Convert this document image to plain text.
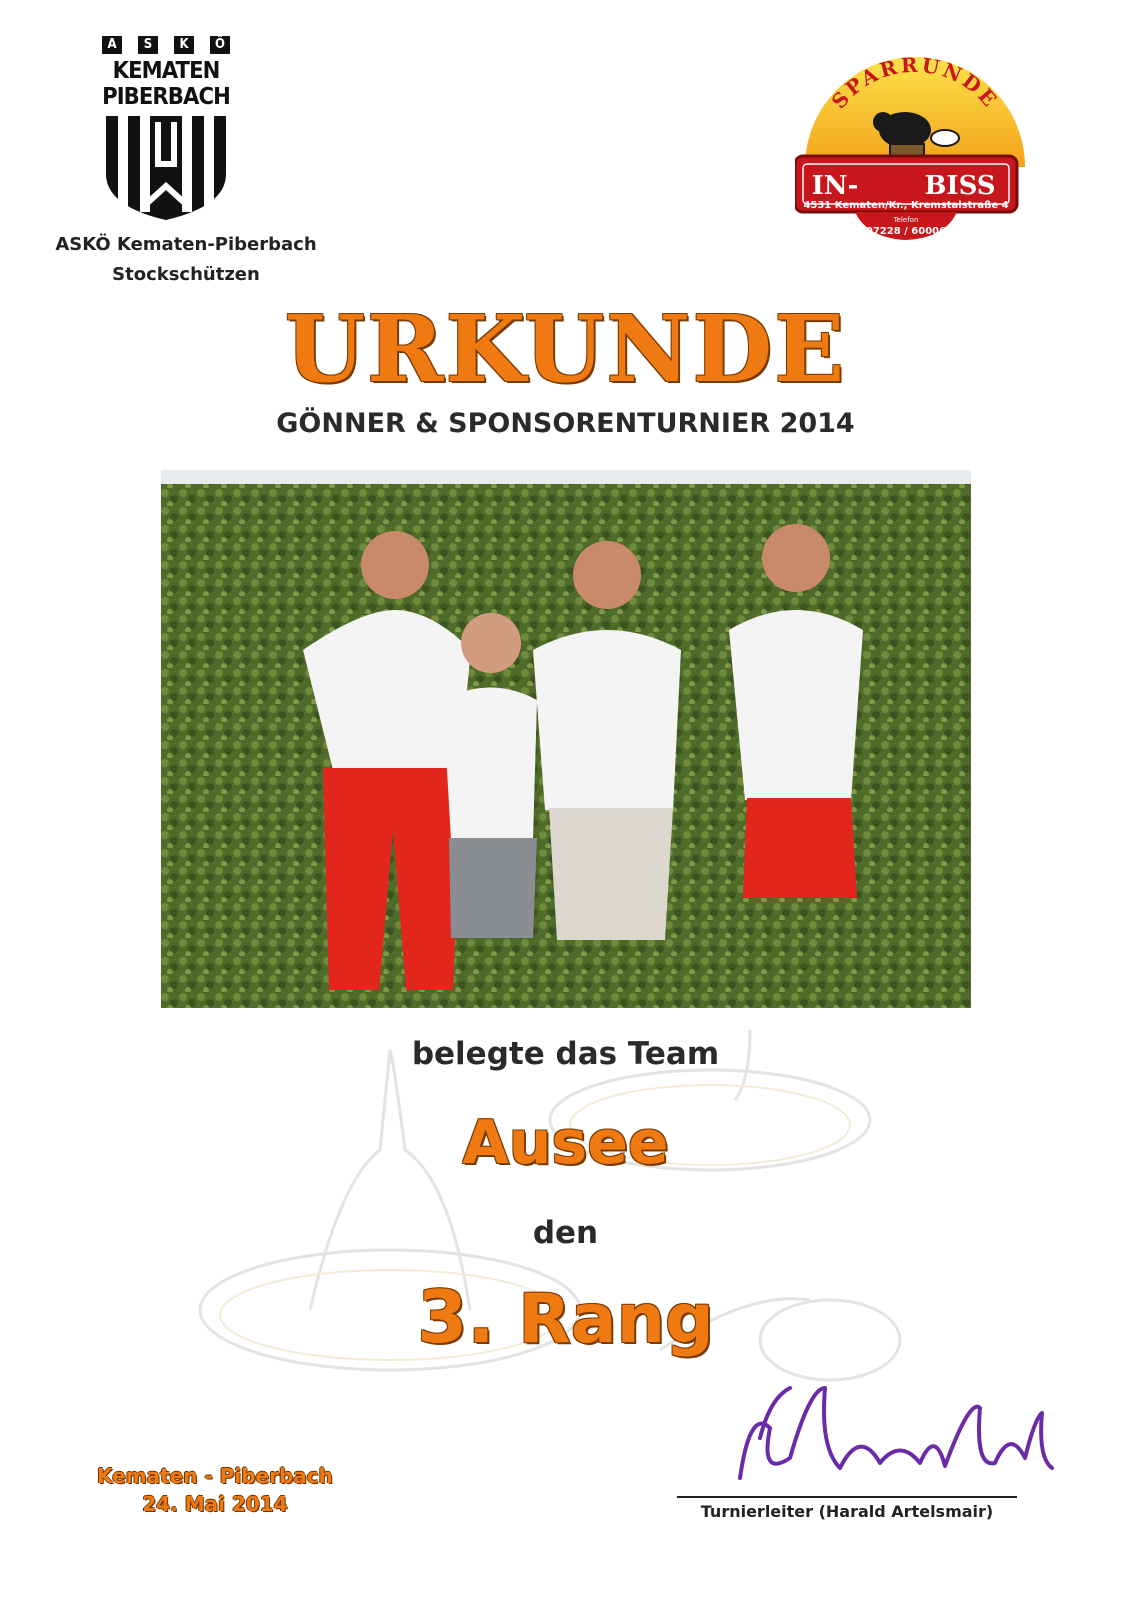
A	S	K	Ö
KEMATEN
PIBERBACH
ASKÖ Kematen-Piberbach
Stockschützen
SPARRUNDE
IN-	BISS
4531 Kematen/Kr., Kremstalstraße 4
Telefon
07228 / 60006
URKUNDE
GÖNNER & SPONSORENTURNIER 2014
belegte das Team
Ausee
den
3. Rang
Kematen - Piberbach
24. Mai 2014	Turnierleiter (Harald Artelsmair)
